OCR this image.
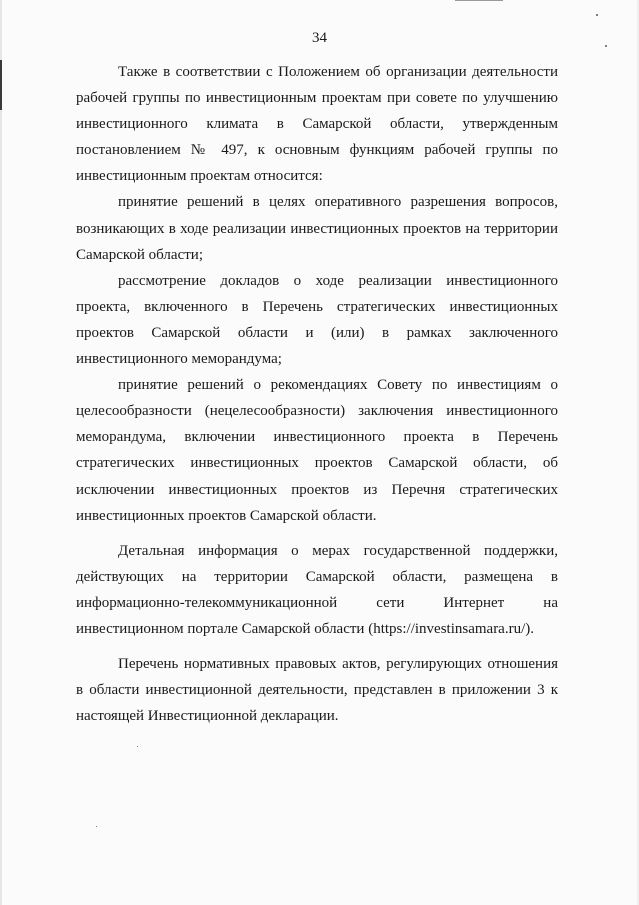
34

Также в соответствии с Положением об организации деятельности рабочей группы по инвестиционным проектам при совете по улучшению инвестиционного климата в Самарской области, утвержденным постановлением № 497, к основным функциям рабочей группы по инвестиционным проектам относится:

принятие решений в целях оперативного разрешения вопросов, возникающих в ходе реализации инвестиционных проектов на территории Самарской области;

рассмотрение докладов о ходе реализации инвестиционного проекта, включенного в Перечень стратегических инвестиционных проектов Самарской области и (или) в рамках заключенного инвестиционного меморандума;

принятие решений о рекомендациях Совету по инвестициям о целесообразности (нецелесообразности) заключения инвестиционного меморандума, включении инвестиционного проекта в Перечень стратегических инвестиционных проектов Самарской области, об исключении инвестиционных проектов из Перечня стратегических инвестиционных проектов Самарской области.

Детальная информация о мерах государственной поддержки, действующих на территории Самарской области, размещена в информационно-телекоммуникационной сети Интернет на инвестиционном портале Самарской области (https://investinsamara.ru/).

Перечень нормативных правовых актов, регулирующих отношения в области инвестиционной деятельности, представлен в приложении 3 к настоящей Инвестиционной декларации.
